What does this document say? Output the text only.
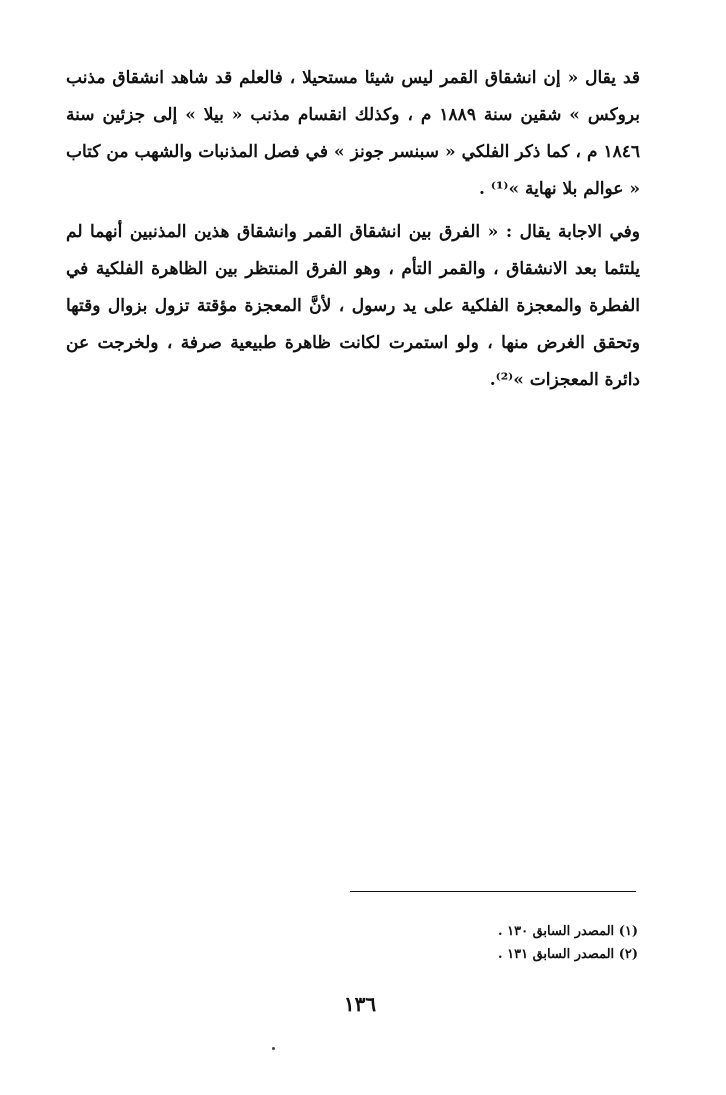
قد يقال « إن انشقاق القمر ليس شيئا مستحيلا ، فالعلم قد شاهد انشقاق مذنب بروكس » شقين سنة ١٨٨٩ م ، وكذلك انقسام مذنب « بيلا » إلى جزئين سنة ١٨٤٦ م ، كما ذكر الفلكي « سبنسر جونز » في فصل المذنبات والشهب من كتاب « عوالم بلا نهاية »⁽¹⁾ .

وفي الاجابة يقال : « الفرق بين انشقاق القمر وانشقاق هذين المذنبين أنهما لم يلتئما بعد الانشقاق ، والقمر التأم ، وهو الفرق المنتظر بين الظاهرة الفلكية في الفطرة والمعجزة الفلكية على يد رسول ، لأنَّ المعجزة مؤقتة تزول بزوال وقتها وتحقق الغرض منها ، ولو استمرت لكانت ظاهرة طبيعية صرفة ، ولخرجت عن دائرة المعجزات »⁽²⁾.

(١) المصدر السابق ١٣٠ .
(٢) المصدر السابق ١٣١ .
١٣٦
